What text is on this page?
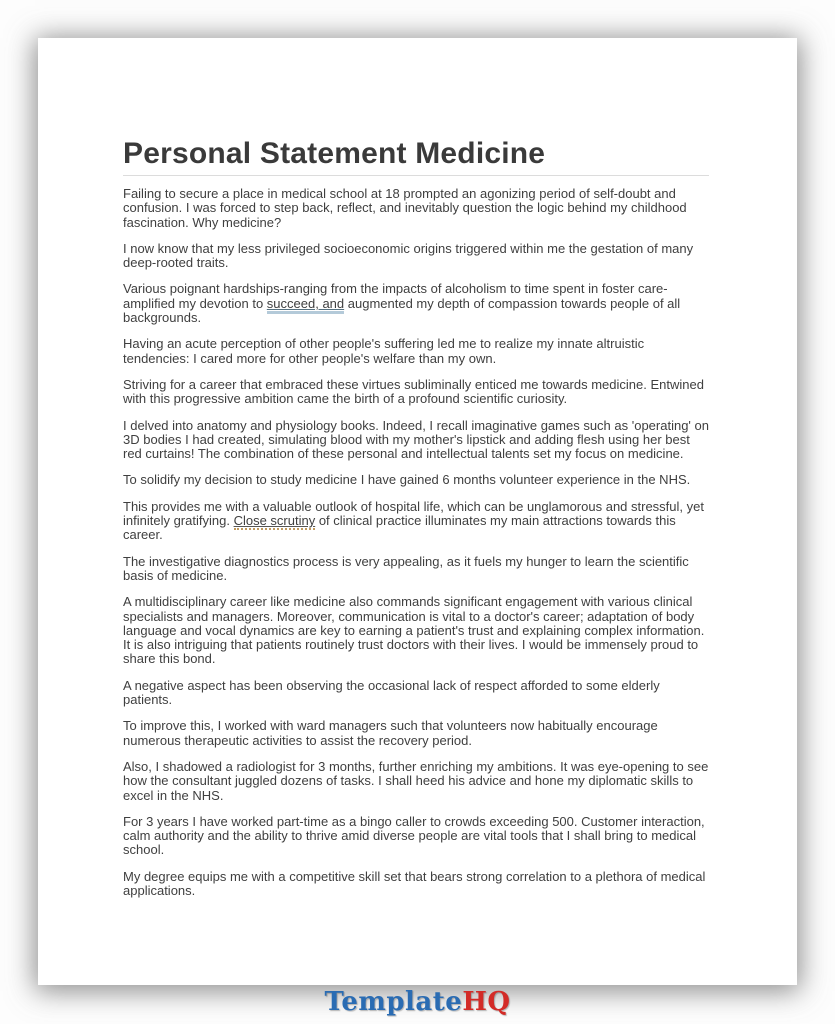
Personal Statement Medicine

Failing to secure a place in medical school at 18 prompted an agonizing period of self-doubt and confusion. I was forced to step back, reflect, and inevitably question the logic behind my childhood fascination. Why medicine?

I now know that my less privileged socioeconomic origins triggered within me the gestation of many deep-rooted traits.

Various poignant hardships-ranging from the impacts of alcoholism to time spent in foster care-amplified my devotion to succeed, and augmented my depth of compassion towards people of all backgrounds.

Having an acute perception of other people's suffering led me to realize my innate altruistic tendencies: I cared more for other people's welfare than my own.

Striving for a career that embraced these virtues subliminally enticed me towards medicine. Entwined with this progressive ambition came the birth of a profound scientific curiosity.

I delved into anatomy and physiology books. Indeed, I recall imaginative games such as 'operating' on 3D bodies I had created, simulating blood with my mother's lipstick and adding flesh using her best red curtains! The combination of these personal and intellectual talents set my focus on medicine.

To solidify my decision to study medicine I have gained 6 months volunteer experience in the NHS.

This provides me with a valuable outlook of hospital life, which can be unglamorous and stressful, yet infinitely gratifying. Close scrutiny of clinical practice illuminates my main attractions towards this career.

The investigative diagnostics process is very appealing, as it fuels my hunger to learn the scientific basis of medicine.

A multidisciplinary career like medicine also commands significant engagement with various clinical specialists and managers. Moreover, communication is vital to a doctor's career; adaptation of body language and vocal dynamics are key to earning a patient's trust and explaining complex information. It is also intriguing that patients routinely trust doctors with their lives. I would be immensely proud to share this bond.

A negative aspect has been observing the occasional lack of respect afforded to some elderly patients.

To improve this, I worked with ward managers such that volunteers now habitually encourage numerous therapeutic activities to assist the recovery period.

Also, I shadowed a radiologist for 3 months, further enriching my ambitions. It was eye-opening to see how the consultant juggled dozens of tasks. I shall heed his advice and hone my diplomatic skills to excel in the NHS.

For 3 years I have worked part-time as a bingo caller to crowds exceeding 500. Customer interaction, calm authority and the ability to thrive amid diverse people are vital tools that I shall bring to medical school.

My degree equips me with a competitive skill set that bears strong correlation to a plethora of medical applications.

TemplateHQ
